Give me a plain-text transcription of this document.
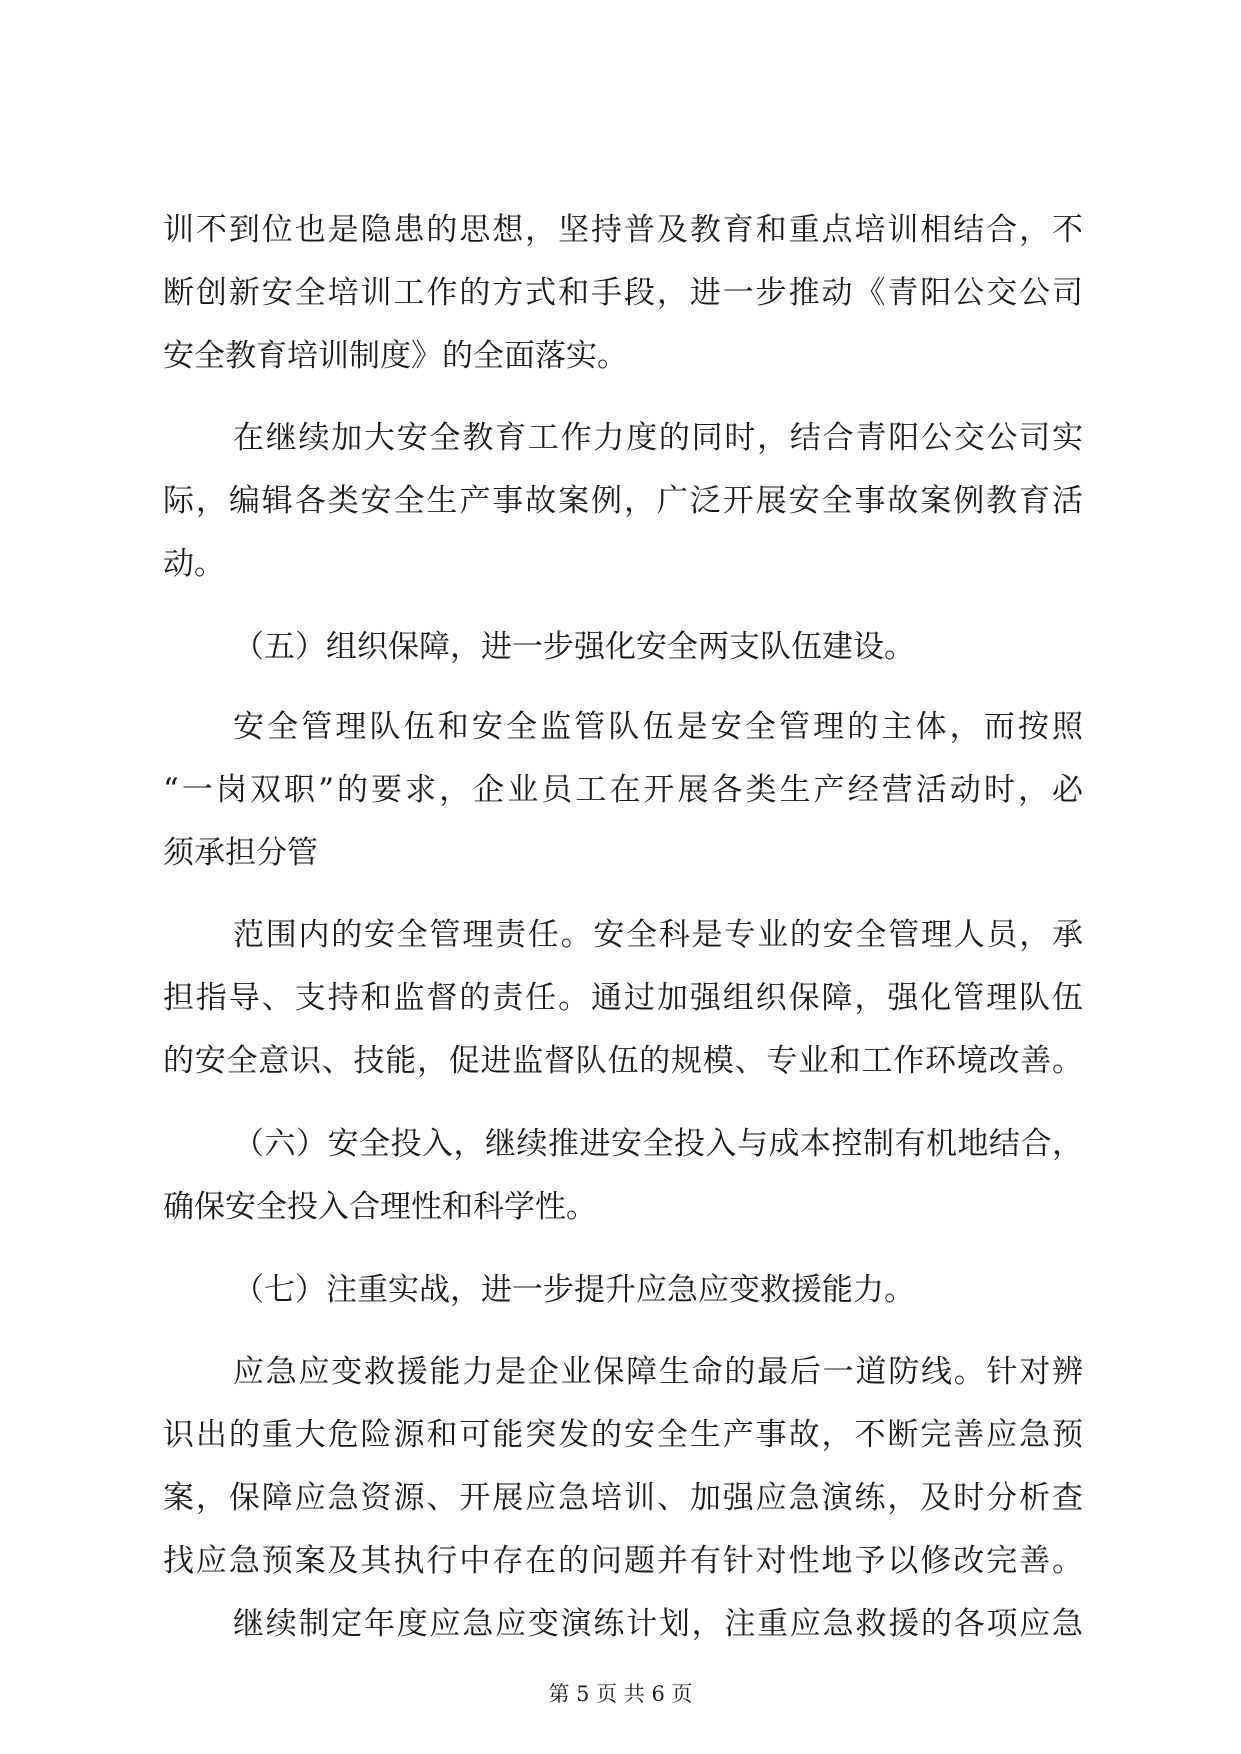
训不到位也是隐患的思想，坚持普及教育和重点培训相结合，不
断创新安全培训工作的方式和手段，进一步推动《青阳公交公司
安全教育培训制度》的全面落实。
在继续加大安全教育工作力度的同时，结合青阳公交公司实
际，编辑各类安全生产事故案例，广泛开展安全事故案例教育活
动。
（五）组织保障，进一步强化安全两支队伍建设。
安全管理队伍和安全监管队伍是安全管理的主体，而按照
“一岗双职”的要求，企业员工在开展各类生产经营活动时，必
须承担分管
范围内的安全管理责任。安全科是专业的安全管理人员，承
担指导、支持和监督的责任。通过加强组织保障，强化管理队伍
的安全意识、技能，促进监督队伍的规模、专业和工作环境改善。
（六）安全投入，继续推进安全投入与成本控制有机地结合，
确保安全投入合理性和科学性。
（七）注重实战，进一步提升应急应变救援能力。
应急应变救援能力是企业保障生命的最后一道防线。针对辨
识出的重大危险源和可能突发的安全生产事故，不断完善应急预
案，保障应急资源、开展应急培训、加强应急演练，及时分析查
找应急预案及其执行中存在的问题并有针对性地予以修改完善。
继续制定年度应急应变演练计划，注重应急救援的各项应急
第 5 页 共 6 页
